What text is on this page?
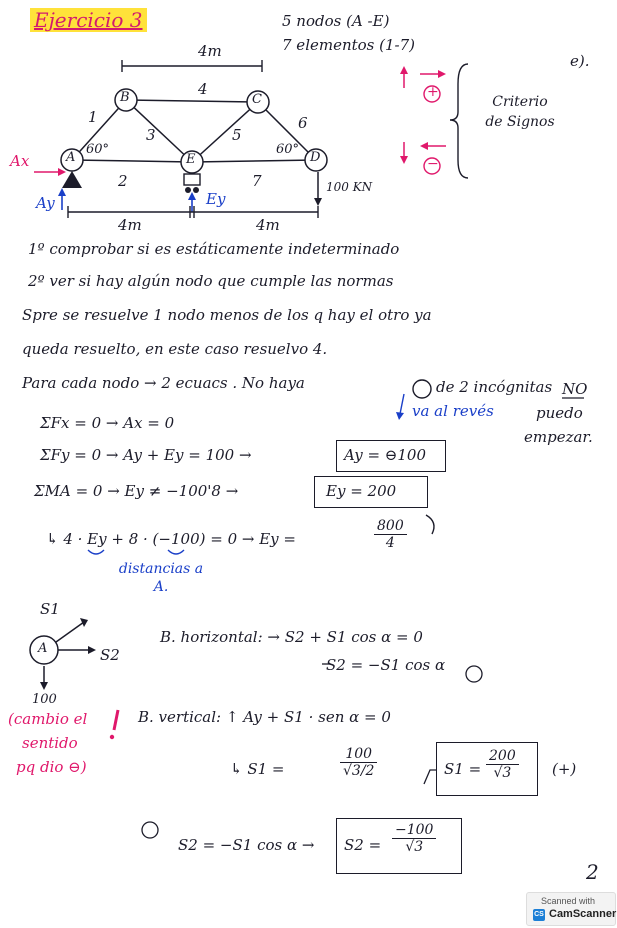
Ejercicio 3	5 nodos (A -E)
7 elementos (1-7)
e).
A
B	C
D
E
1
2
3
4
5
6
7
60°	60°
4m
4m	4m
100 KN
Ax
Ay	Ey
+
−
Criterio de Signos
1º comprobar si es estáticamente indeterminado
2º ver si hay algún nodo que cumple las normas
Spre se resuelve 1 nodo menos de los q hay el otro ya
queda resuelto, en este caso resuelvo 4.
Para cada nodo → 2 ecuacs . No haya	de 2 incógnitas NO
va al revés	puedo
empezar.
ΣFx = 0 → Ax = 0
ΣFy = 0 → Ay + Ey = 100 →	Ay = ⊖100
ΣMA = 0 → Ey ≠ −100'8 →	Ey = 200
↳ 4 · Ey + 8 · (−100) = 0 → Ey =	$\frac{800}{4}$
distancias a A.
A
S1
S2
100
(cambio el
sentido
pq dio ⊖)
B. horizontal: → S2 + S1 cos α = 0
S2 = −S1 cos α
B. vertical: ↑ Ay + S1 · sen α = 0
↳ S1 =	$\frac{100}{√3/2}$	$S1 = \frac{200}{√3}$ (+)
S2 = −S1 $\cos \alpha \to S2 = \frac{-100}{√3}$
2
Scanned with
CS CamScanner
